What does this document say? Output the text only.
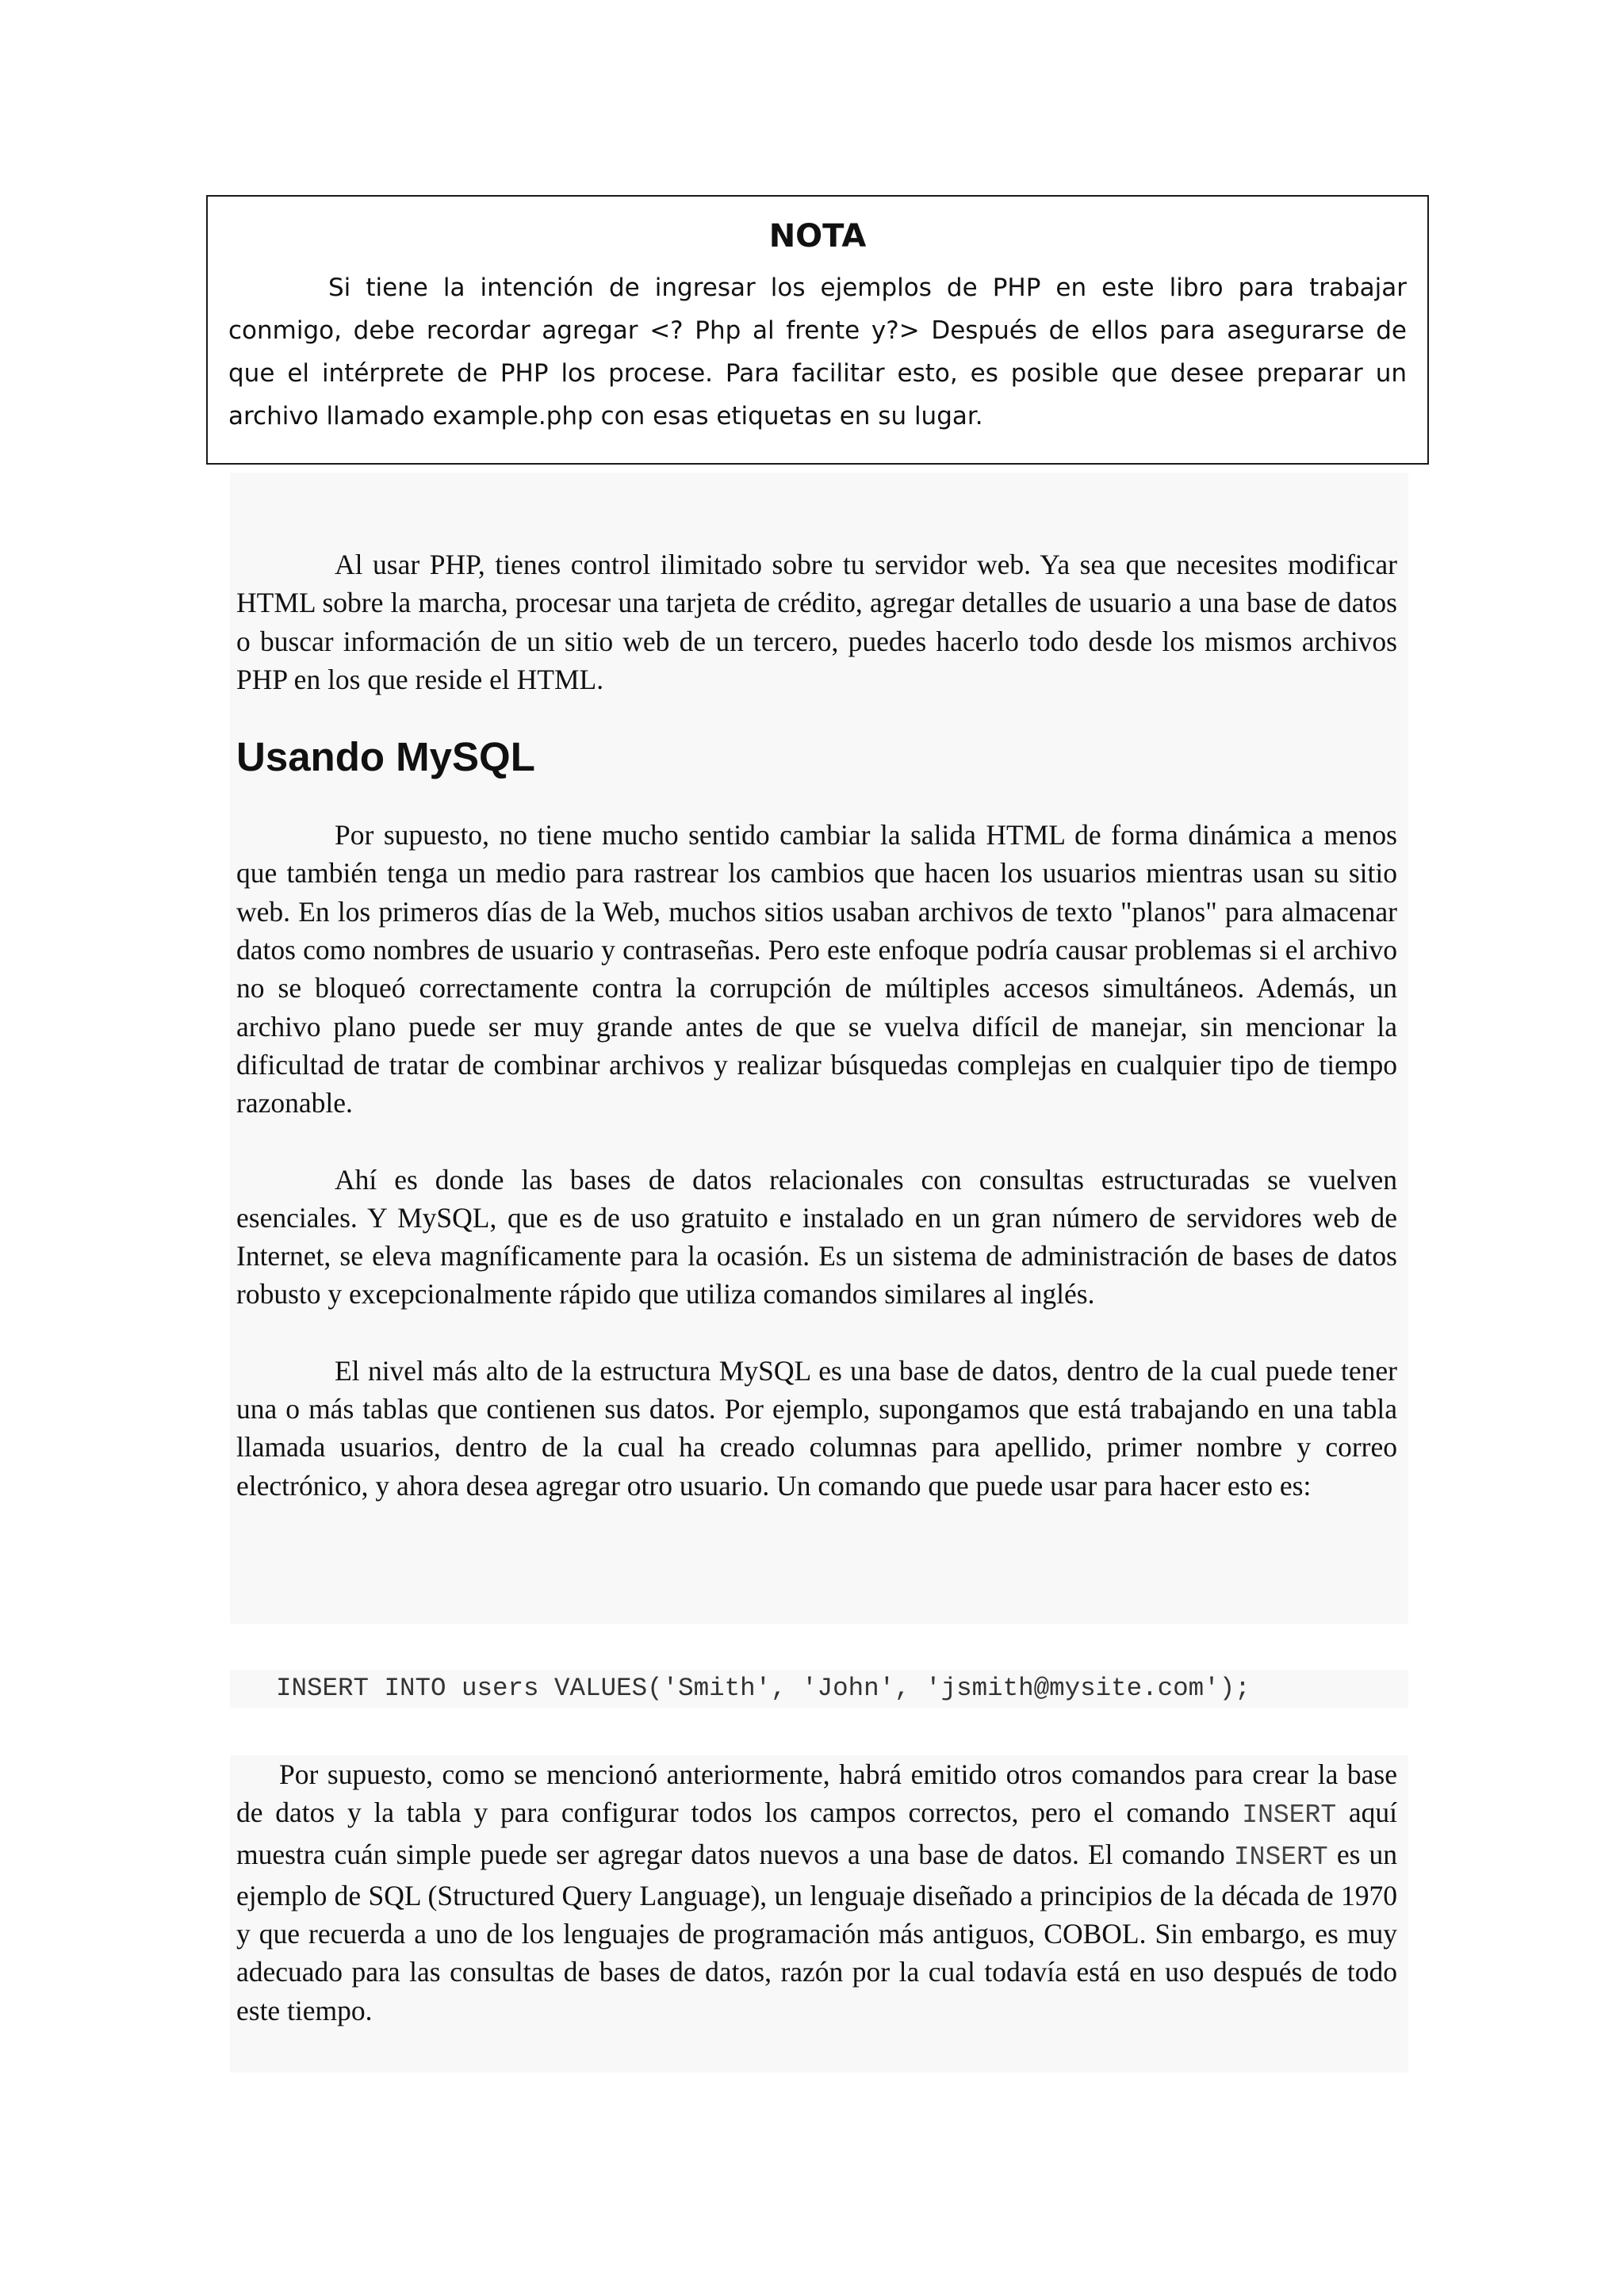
NOTA

Si tiene la intención de ingresar los ejemplos de PHP en este libro para trabajar conmigo, debe recordar agregar <? Php al frente y?> Después de ellos para asegurarse de que el intérprete de PHP los procese. Para facilitar esto, es posible que desee preparar un archivo llamado example.php con esas etiquetas en su lugar.

Al usar PHP, tienes control ilimitado sobre tu servidor web. Ya sea que necesites modificar HTML sobre la marcha, procesar una tarjeta de crédito, agregar detalles de usuario a una base de datos o buscar información de un sitio web de un tercero, puedes hacerlo todo desde los mismos archivos PHP en los que reside el HTML.

Usando MySQL

Por supuesto, no tiene mucho sentido cambiar la salida HTML de forma dinámica a menos que también tenga un medio para rastrear los cambios que hacen los usuarios mientras usan su sitio web. En los primeros días de la Web, muchos sitios usaban archivos de texto "planos" para almacenar datos como nombres de usuario y contraseñas. Pero este enfoque podría causar problemas si el archivo no se bloqueó correctamente contra la corrupción de múltiples accesos simultáneos. Además, un archivo plano puede ser muy grande antes de que se vuelva difícil de manejar, sin mencionar la dificultad de tratar de combinar archivos y realizar búsquedas complejas en cualquier tipo de tiempo razonable.

Ahí es donde las bases de datos relacionales con consultas estructuradas se vuelven esenciales. Y MySQL, que es de uso gratuito e instalado en un gran número de servidores web de Internet, se eleva magníficamente para la ocasión. Es un sistema de administración de bases de datos robusto y excepcionalmente rápido que utiliza comandos similares al inglés.

El nivel más alto de la estructura MySQL es una base de datos, dentro de la cual puede tener una o más tablas que contienen sus datos. Por ejemplo, supongamos que está trabajando en una tabla llamada usuarios, dentro de la cual ha creado columnas para apellido, primer nombre y correo electrónico, y ahora desea agregar otro usuario. Un comando que puede usar para hacer esto es:

INSERT INTO users VALUES('Smith', 'John', 'jsmith@mysite.com');

Por supuesto, como se mencionó anteriormente, habrá emitido otros comandos para crear la base de datos y la tabla y para configurar todos los campos correctos, pero el comando INSERT aquí muestra cuán simple puede ser agregar datos nuevos a una base de datos. El comando INSERT es un ejemplo de SQL (Structured Query Language), un lenguaje diseñado a principios de la década de 1970 y que recuerda a uno de los lenguajes de programación más antiguos, COBOL. Sin embargo, es muy adecuado para las consultas de bases de datos, razón por la cual todavía está en uso después de todo este tiempo.
